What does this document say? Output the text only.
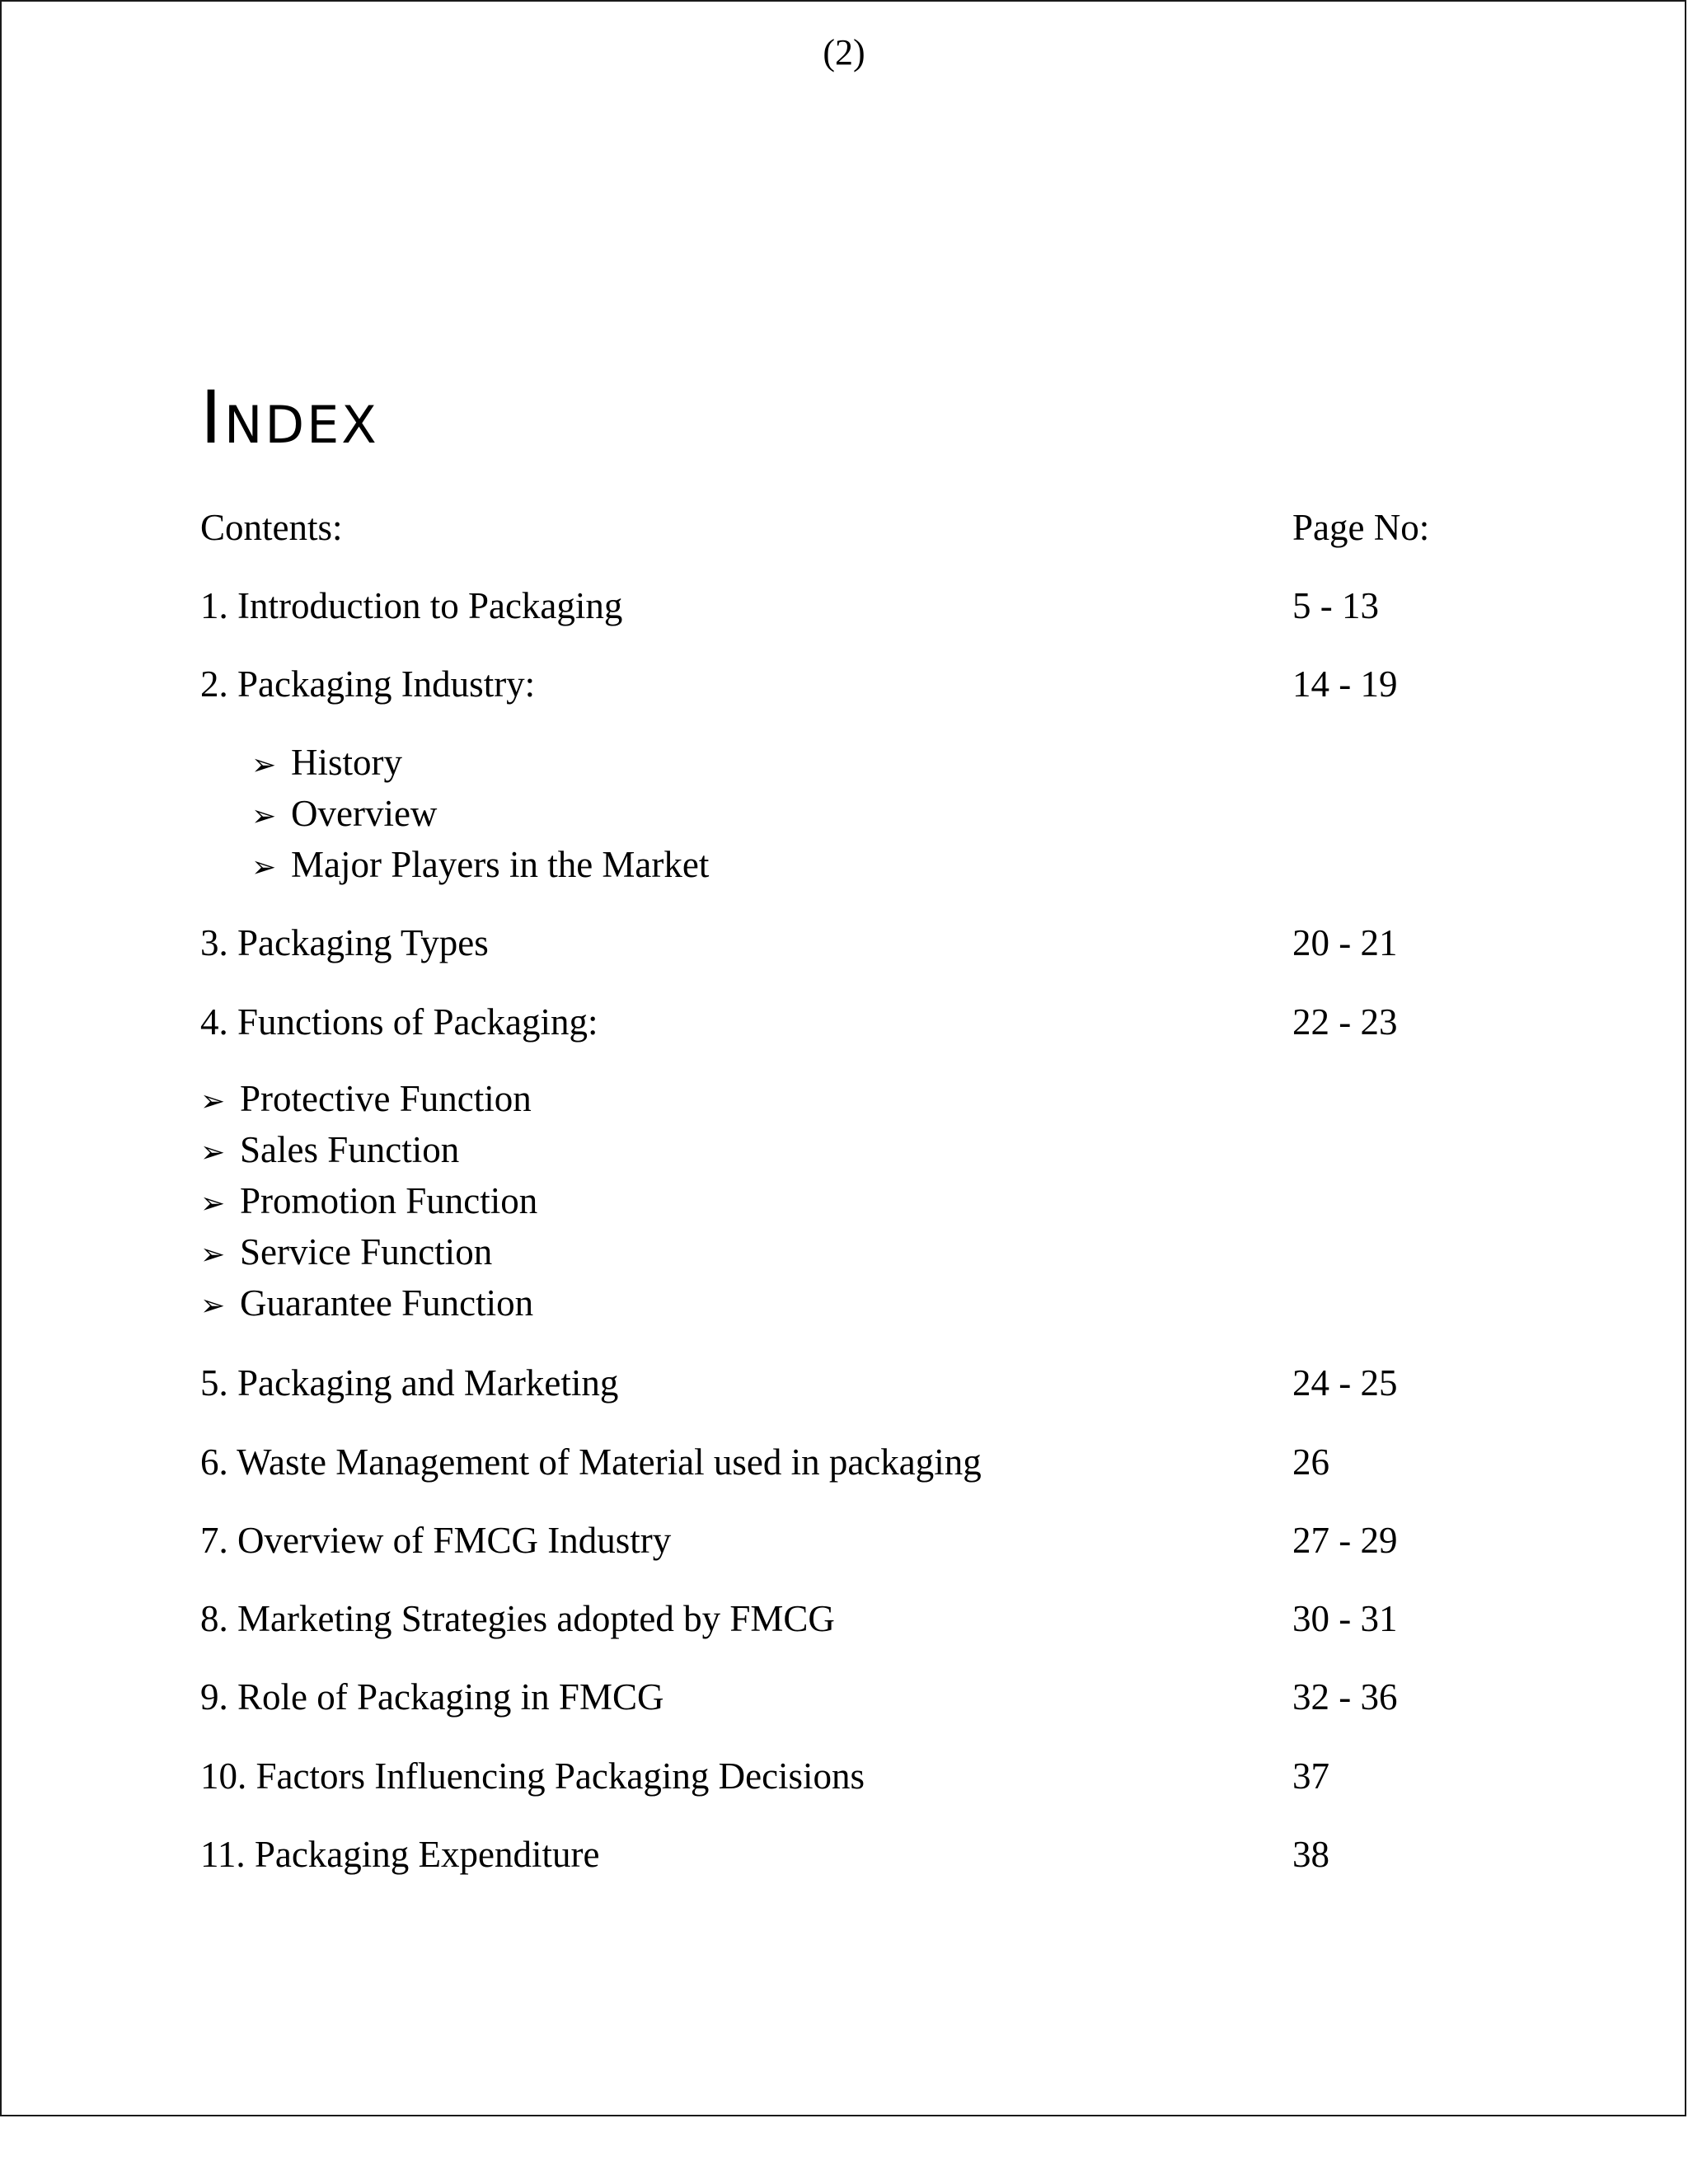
(2)
Index
Contents:	Page No:
1. Introduction to Packaging	5 - 13
2. Packaging Industry:	14 - 19
➢ History
➢ Overview
➢ Major Players in the Market
3. Packaging Types	20 - 21
4. Functions of Packaging:	22 - 23
➢ Protective Function
➢ Sales Function
➢ Promotion Function
➢ Service Function
➢ Guarantee Function
5. Packaging and Marketing	24 - 25
6. Waste Management of Material used in packaging	26
7. Overview of FMCG Industry	27 - 29
8. Marketing Strategies adopted by FMCG	30 - 31
9. Role of Packaging in FMCG	32 - 36
10. Factors Influencing Packaging Decisions	37
11. Packaging Expenditure	38
